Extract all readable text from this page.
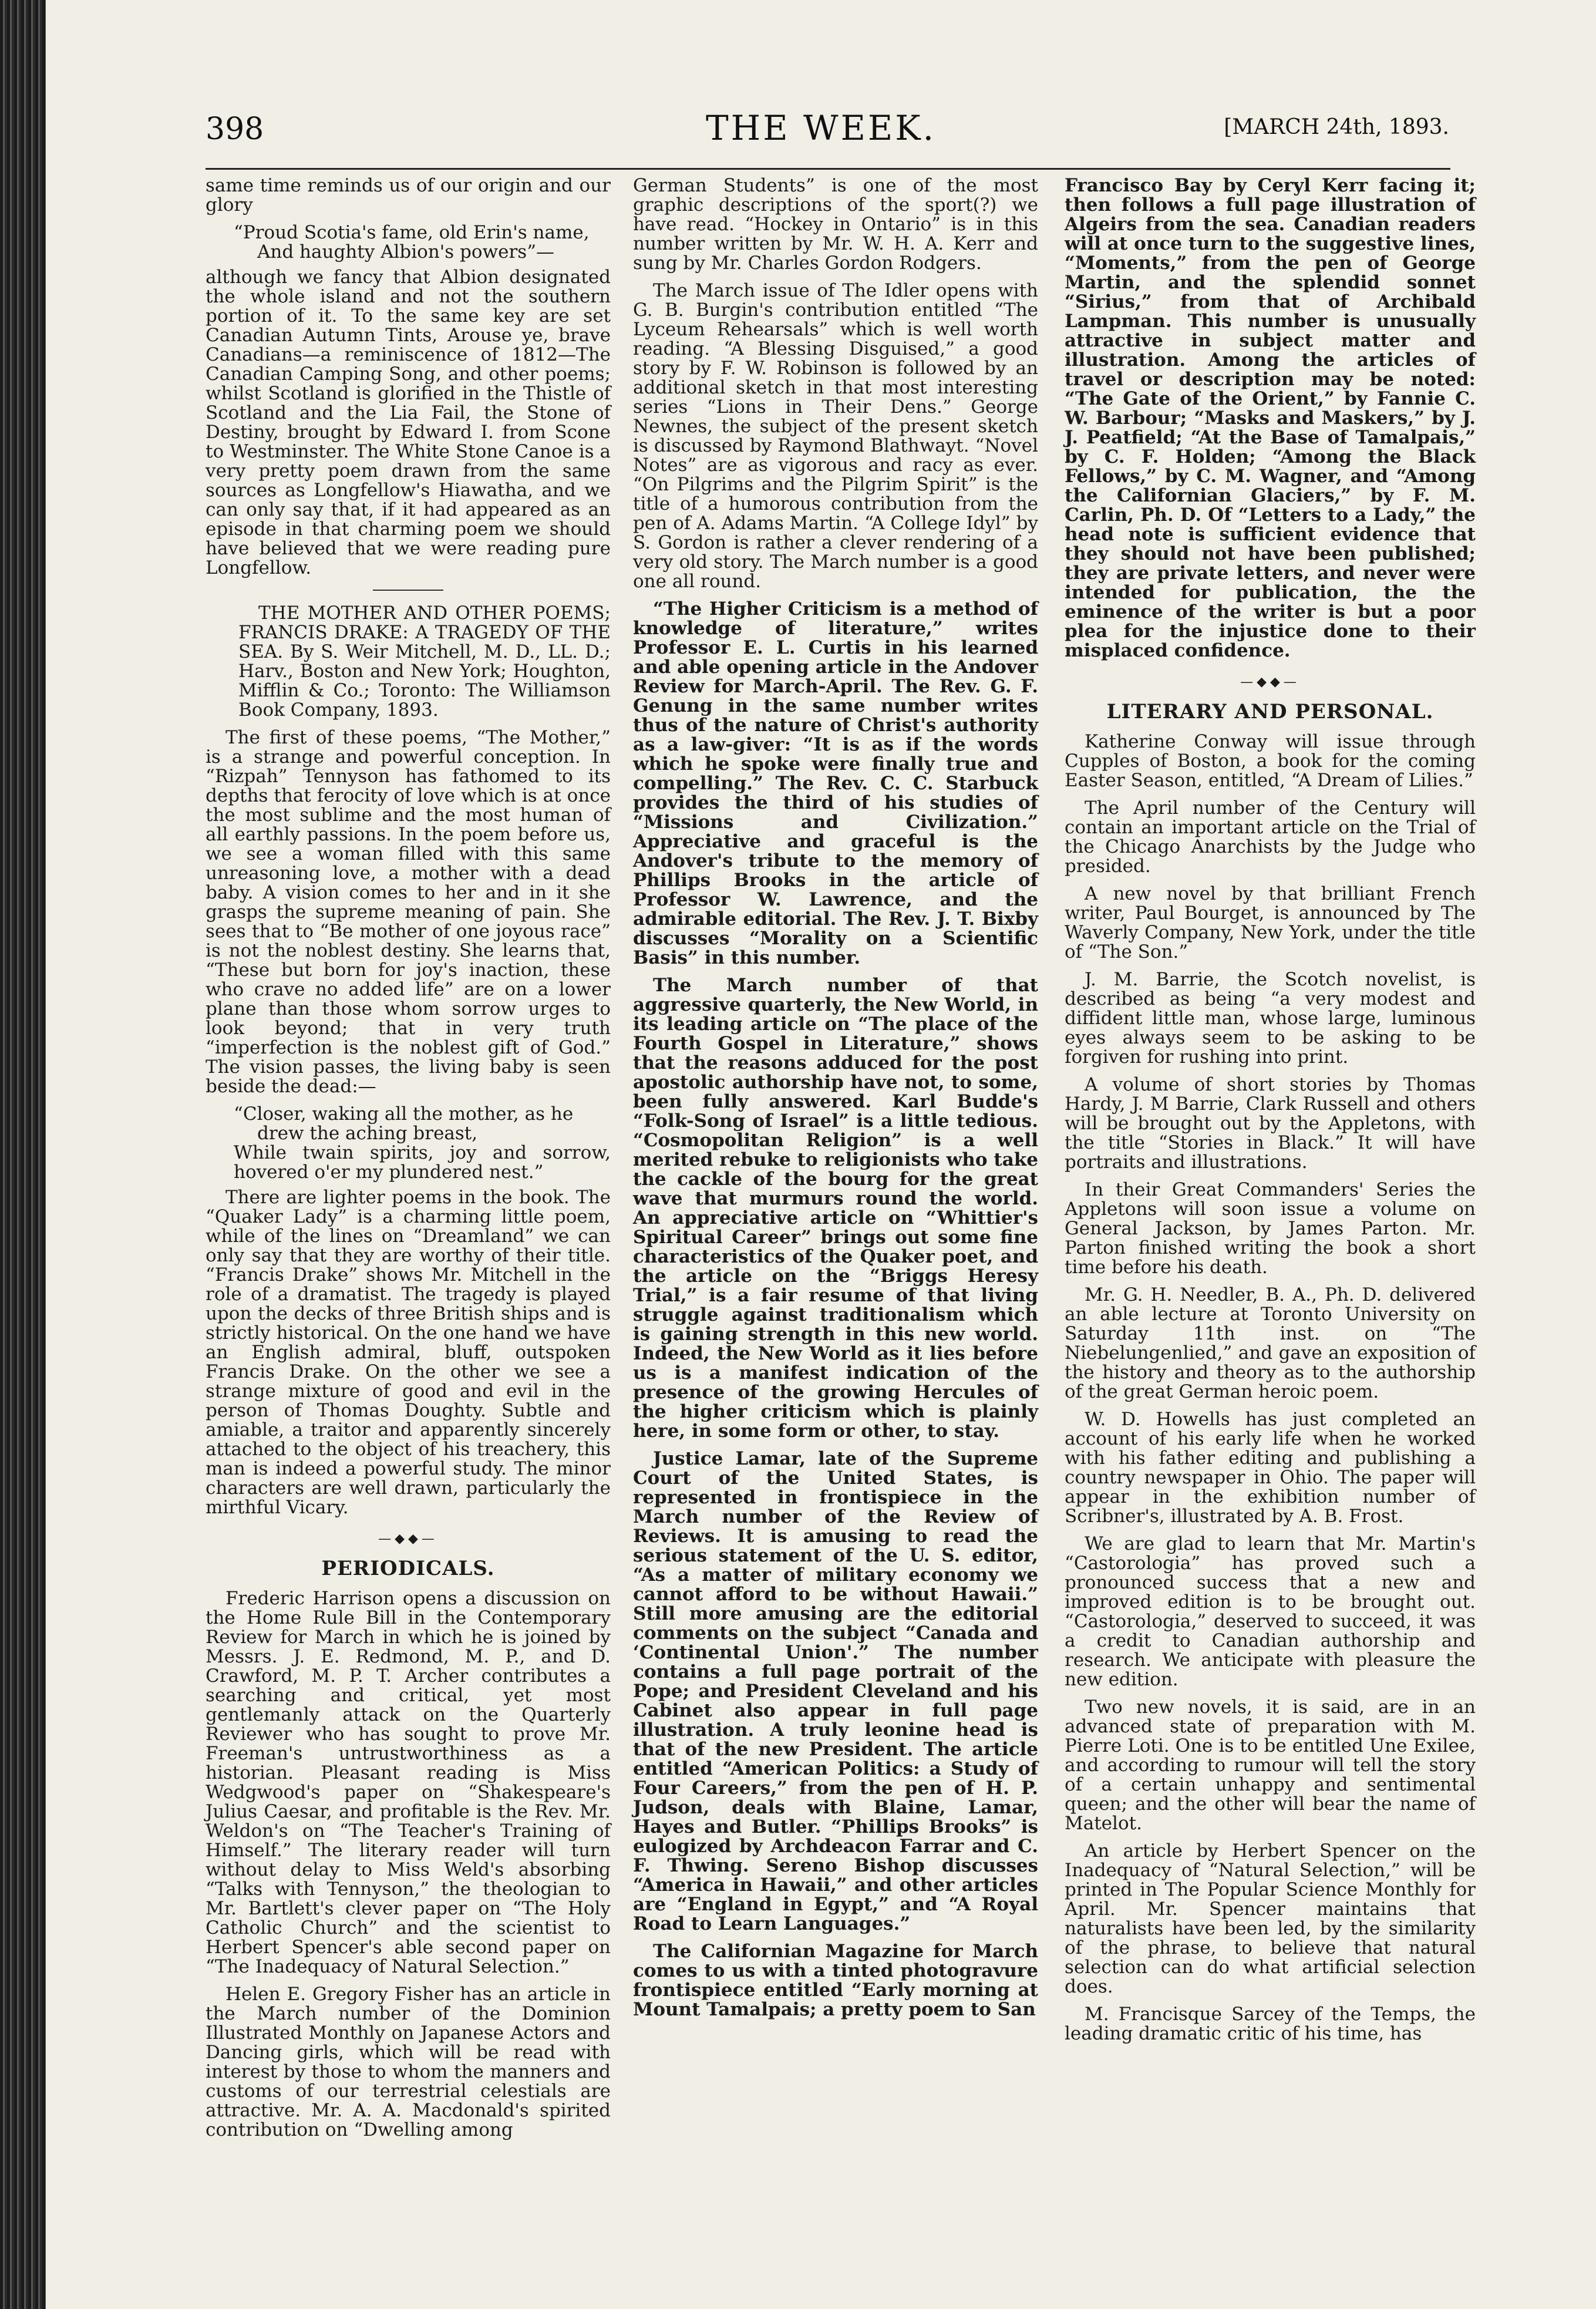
398	THE WEEK.	[MARCH 24th, 1893.

same time reminds us of our origin and our glory

“Proud Scotia's fame, old Erin's name,
And haughty Albion's powers”—

although we fancy that Albion designated the whole island and not the southern portion of it. To the same key are set Canadian Autumn Tints, Arouse ye, brave Canadians—a reminiscence of 1812—The Canadian Camping Song, and other poems; whilst Scotland is glorified in the Thistle of Scotland and the Lia Fail, the Stone of Destiny, brought by Edward I. from Scone to Westminster. The White Stone Canoe is a very pretty poem drawn from the same sources as Longfellow's Hiawatha, and we can only say that, if it had appeared as an episode in that charming poem we should have believed that we were reading pure Longfellow.

THE MOTHER AND OTHER POEMS; FRANCIS DRAKE: A TRAGEDY OF THE SEA. By S. Weir Mitchell, M. D., LL. D.; Harv., Boston and New York; Houghton, Mifflin & Co.; Toronto: The Williamson Book Company, 1893.

The first of these poems, “The Mother,” is a strange and powerful conception. In “Rizpah” Tennyson has fathomed to its depths that ferocity of love which is at once the most sublime and the most human of all earthly passions. In the poem before us, we see a woman filled with this same unreasoning love, a mother with a dead baby. A vision comes to her and in it she grasps the supreme meaning of pain. She sees that to “Be mother of one joyous race” is not the noblest destiny. She learns that, “These but born for joy's inaction, these who crave no added life” are on a lower plane than those whom sorrow urges to look beyond; that in very truth “imperfection is the noblest gift of God.” The vision passes, the living baby is seen beside the dead:—

“Closer, waking all the mother, as he
drew the aching breast,
While twain spirits, joy and sorrow, hovered o'er my plundered nest.”

There are lighter poems in the book. The “Quaker Lady” is a charming little poem, while of the lines on “Dreamland” we can only say that they are worthy of their title. “Francis Drake” shows Mr. Mitchell in the role of a dramatist. The tragedy is played upon the decks of three British ships and is strictly historical. On the one hand we have an English admiral, bluff, outspoken Francis Drake. On the other we see a strange mixture of good and evil in the person of Thomas Doughty. Subtle and amiable, a traitor and apparently sincerely attached to the object of his treachery, this man is indeed a powerful study. The minor characters are well drawn, particularly the mirthful Vicary.

—◆◆—
PERIODICALS.

Frederic Harrison opens a discussion on the Home Rule Bill in the Contemporary Review for March in which he is joined by Messrs. J. E. Redmond, M. P., and D. Crawford, M. P. T. Archer contributes a searching and critical, yet most gentlemanly attack on the Quarterly Reviewer who has sought to prove Mr. Freeman's untrustworthiness as a historian. Pleasant reading is Miss Wedgwood's paper on “Shakespeare's Julius Caesar, and profitable is the Rev. Mr. Weldon's on “The Teacher's Training of Himself.” The literary reader will turn without delay to Miss Weld's absorbing “Talks with Tennyson,” the theologian to Mr. Bartlett's clever paper on “The Holy Catholic Church” and the scientist to Herbert Spencer's able second paper on “The Inadequacy of Natural Selection.”

Helen E. Gregory Fisher has an article in the March number of the Dominion Illustrated Monthly on Japanese Actors and Dancing girls, which will be read with interest by those to whom the manners and customs of our terrestrial celestials are attractive. Mr. A. A. Macdonald's spirited contribution on “Dwelling among

German Students” is one of the most graphic descriptions of the sport(?) we have read. “Hockey in Ontario” is in this number written by Mr. W. H. A. Kerr and sung by Mr. Charles Gordon Rodgers.

The March issue of The Idler opens with G. B. Burgin's contribution entitled “The Lyceum Rehearsals” which is well worth reading. “A Blessing Disguised,” a good story by F. W. Robinson is followed by an additional sketch in that most interesting series “Lions in Their Dens.” George Newnes, the subject of the present sketch is discussed by Raymond Blathwayt. “Novel Notes” are as vigorous and racy as ever. “On Pilgrims and the Pilgrim Spirit” is the title of a humorous contribution from the pen of A. Adams Martin. “A College Idyl” by S. Gordon is rather a clever rendering of a very old story. The March number is a good one all round.

“The Higher Criticism is a method of knowledge of literature,” writes Professor E. L. Curtis in his learned and able opening article in the Andover Review for March-April. The Rev. G. F. Genung in the same number writes thus of the nature of Christ's authority as a law-giver: “It is as if the words which he spoke were finally true and compelling.” The Rev. C. C. Starbuck provides the third of his studies of “Missions and Civilization.” Appreciative and graceful is the Andover's tribute to the memory of Phillips Brooks in the article of Professor W. Lawrence, and the admirable editorial. The Rev. J. T. Bixby discusses “Morality on a Scientific Basis” in this number.

The March number of that aggressive quarterly, the New World, in its leading article on “The place of the Fourth Gospel in Literature,” shows that the reasons adduced for the post apostolic authorship have not, to some, been fully answered. Karl Budde's “Folk-Song of Israel” is a little tedious. “Cosmopolitan Religion” is a well merited rebuke to religionists who take the cackle of the bourg for the great wave that murmurs round the world. An appreciative article on “Whittier's Spiritual Career” brings out some fine characteristics of the Quaker poet, and the article on the “Briggs Heresy Trial,” is a fair resume of that living struggle against traditionalism which is gaining strength in this new world. Indeed, the New World as it lies before us is a manifest indication of the presence of the growing Hercules of the higher criticism which is plainly here, in some form or other, to stay.

Justice Lamar, late of the Supreme Court of the United States, is represented in frontispiece in the March number of the Review of Reviews. It is amusing to read the serious statement of the U. S. editor, “As a matter of military economy we cannot afford to be without Hawaii.” Still more amusing are the editorial comments on the subject “Canada and ‘Continental Union'.” The number contains a full page portrait of the Pope; and President Cleveland and his Cabinet also appear in full page illustration. A truly leonine head is that of the new President. The article entitled “American Politics: a Study of Four Careers,” from the pen of H. P. Judson, deals with Blaine, Lamar, Hayes and Butler. “Phillips Brooks” is eulogized by Archdeacon Farrar and C. F. Thwing. Sereno Bishop discusses “America in Hawaii,” and other articles are “England in Egypt,” and “A Royal Road to Learn Languages.”

The Californian Magazine for March comes to us with a tinted photogravure frontispiece entitled “Early morning at Mount Tamalpais; a pretty poem to San

Francisco Bay by Ceryl Kerr facing it; then follows a full page illustration of Algeirs from the sea. Canadian readers will at once turn to the suggestive lines, “Moments,” from the pen of George Martin, and the splendid sonnet “Sirius,” from that of Archibald Lampman. This number is unusually attractive in subject matter and illustration. Among the articles of travel or description may be noted: “The Gate of the Orient,” by Fannie C. W. Barbour; “Masks and Maskers,” by J. J. Peatfield; “At the Base of Tamalpais,” by C. F. Holden; “Among the Black Fellows,” by C. M. Wagner, and “Among the Californian Glaciers,” by F. M. Carlin, Ph. D. Of “Letters to a Lady,” the head note is sufficient evidence that they should not have been published; they are private letters, and never were intended for publication, the the eminence of the writer is but a poor plea for the injustice done to their misplaced confidence.

—◆◆—
LITERARY AND PERSONAL.

Katherine Conway will issue through Cupples of Boston, a book for the coming Easter Season, entitled, “A Dream of Lilies.”

The April number of the Century will contain an important article on the Trial of the Chicago Anarchists by the Judge who presided.

A new novel by that brilliant French writer, Paul Bourget, is announced by The Waverly Company, New York, under the title of “The Son.”

J. M. Barrie, the Scotch novelist, is described as being “a very modest and diffident little man, whose large, luminous eyes always seem to be asking to be forgiven for rushing into print.

A volume of short stories by Thomas Hardy, J. M Barrie, Clark Russell and others will be brought out by the Appletons, with the title “Stories in Black.” It will have portraits and illustrations.

In their Great Commanders' Series the Appletons will soon issue a volume on General Jackson, by James Parton. Mr. Parton finished writing the book a short time before his death.

Mr. G. H. Needler, B. A., Ph. D. delivered an able lecture at Toronto University on Saturday 11th inst. on “The Niebelungenlied,” and gave an exposition of the history and theory as to the authorship of the great German heroic poem.

W. D. Howells has just completed an account of his early life when he worked with his father editing and publishing a country newspaper in Ohio. The paper will appear in the exhibition number of Scribner's, illustrated by A. B. Frost.

We are glad to learn that Mr. Martin's “Castorologia” has proved such a pronounced success that a new and improved edition is to be brought out. “Castorologia,” deserved to succeed, it was a credit to Canadian authorship and research. We anticipate with pleasure the new edition.

Two new novels, it is said, are in an advanced state of preparation with M. Pierre Loti. One is to be entitled Une Exilee, and according to rumour will tell the story of a certain unhappy and sentimental queen; and the other will bear the name of Matelot.

An article by Herbert Spencer on the Inadequacy of “Natural Selection,” will be printed in The Popular Science Monthly for April. Mr. Spencer maintains that naturalists have been led, by the similarity of the phrase, to believe that natural selection can do what artificial selection does.

M. Francisque Sarcey of the Temps, the leading dramatic critic of his time, has
